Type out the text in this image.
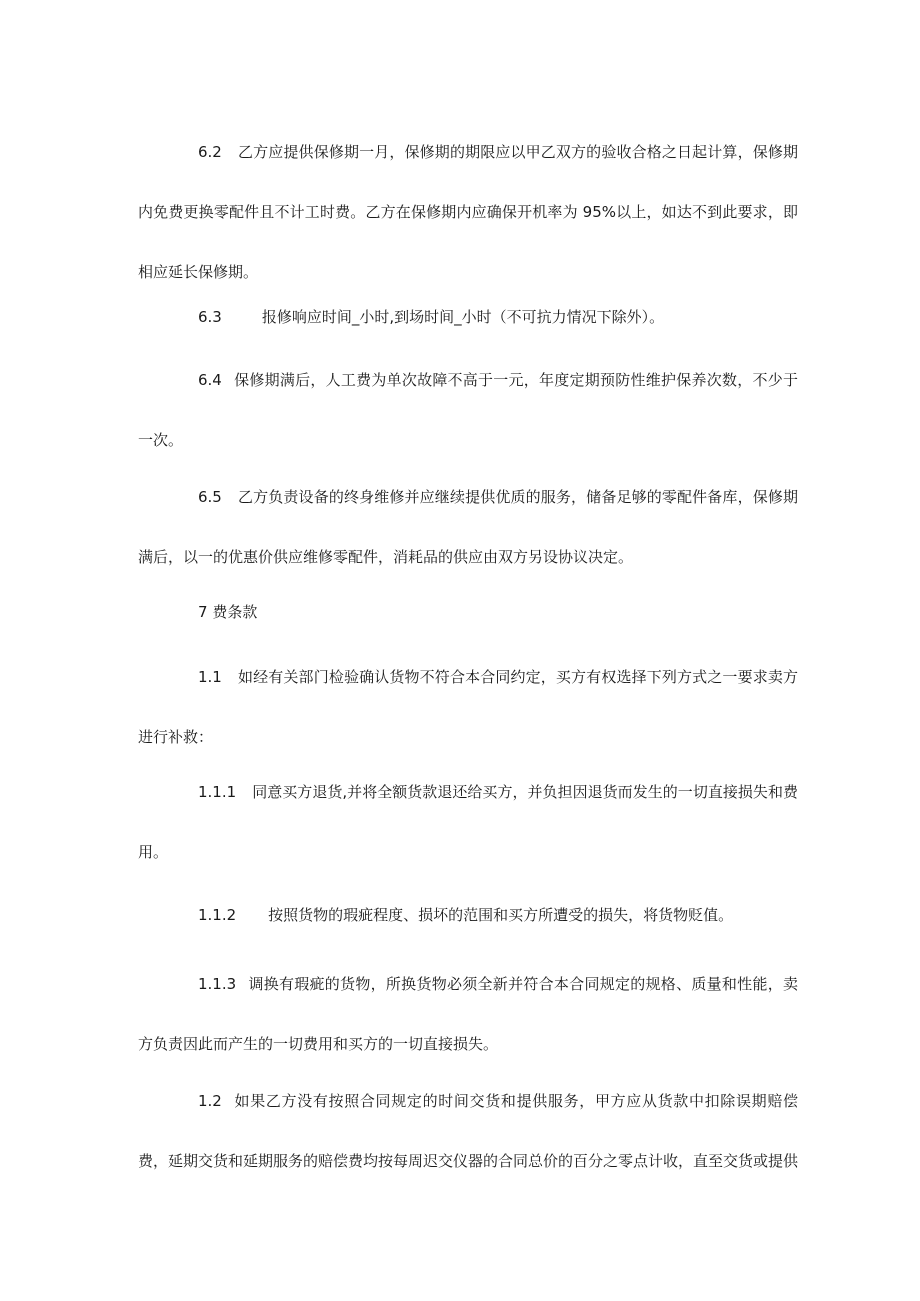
6.2 乙方应提供保修期一月，保修期的期限应以甲乙双方的验收合格之日起计算，保修期内免费更换零配件且不计工时费。乙方在保修期内应确保开机率为 95%以上，如达不到此要求，即相应延长保修期。

6.3	报修响应时间_小时,到场时间_小时（不可抗力情况下除外）。

6.4 保修期满后，人工费为单次故障不高于一元，年度定期预防性维护保养次数，不少于一次。

6.5 乙方负责设备的终身维修并应继续提供优质的服务，储备足够的零配件备库，保修期满后，以一的优惠价供应维修零配件，消耗品的供应由双方另设协议决定。

7 费条款

1.1 如经有关部门检验确认货物不符合本合同约定，买方有权选择下列方式之一要求卖方进行补救：

1.1.1 同意买方退货,并将全额货款退还给买方，并负担因退货而发生的一切直接损失和费用。

1.1.2 按照货物的瑕疵程度、损坏的范围和买方所遭受的损失，将货物贬值。

1.1.3 调换有瑕疵的货物，所换货物必须全新并符合本合同规定的规格、质量和性能，卖方负责因此而产生的一切费用和买方的一切直接损失。

1.2 如果乙方没有按照合同规定的时间交货和提供服务，甲方应从货款中扣除误期赔偿费，延期交货和延期服务的赔偿费均按每周迟交仪器的合同总价的百分之零点计收，直至交货或提供
